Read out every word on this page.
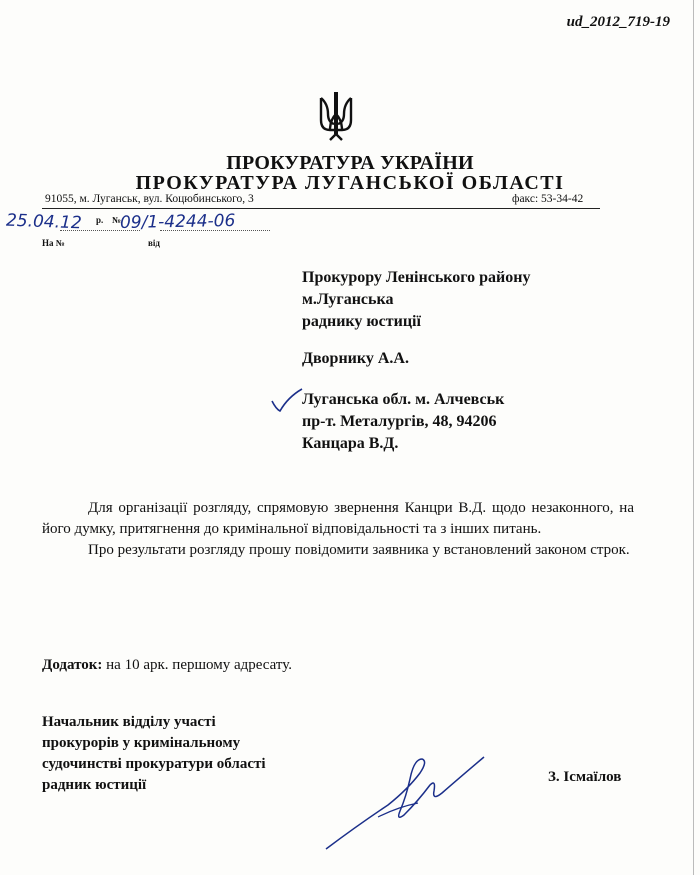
ud_2012_719-19
ПРОКУРАТУРА УКРАЇНИ
ПРОКУРАТУРА ЛУГАНСЬКОЇ ОБЛАСТІ
91055, м. Луганськ, вул. Коцюбинського, 3	факс: 53-34-42
25.04.12 р. №
09/1-4244-06
На №	від
Прокурору Ленінського району
м.Луганська
раднику юстиції
Дворнику А.А.
Луганська обл. м. Алчевськ
пр-т. Металургів, 48, 94206
Канцара В.Д.

Для організації розгляду, спрямовую звернення Канцри В.Д. щодо незаконного, на його думку, притягнення до кримінальної відповідальності та з інших питань.

Про результати розгляду прошу повідомити заявника у встановлений законом строк.

Додаток: на 10 арк. першому адресату.
Начальник відділу участі
прокурорів у кримінальному
судочинстві прокуратури області
радник юстиції	З. Ісмаїлов
